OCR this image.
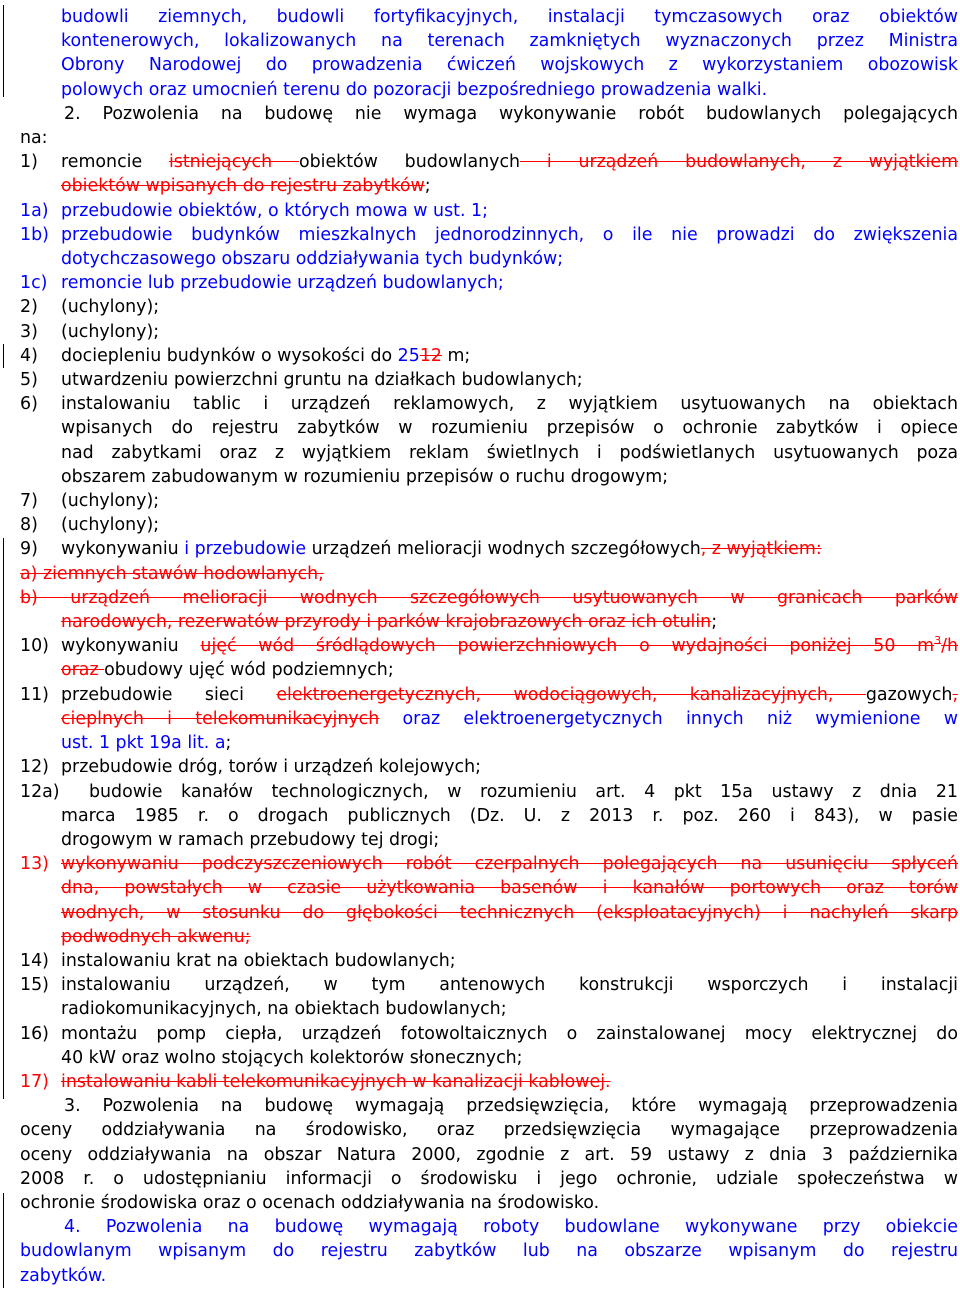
budowli ziemnych, budowli fortyfikacyjnych, instalacji tymczasowych oraz obiektów
kontenerowych, lokalizowanych na terenach zamkniętych wyznaczonych przez Ministra
Obrony Narodowej do prowadzenia ćwiczeń wojskowych z wykorzystaniem obozowisk
polowych oraz umocnień terenu do pozoracji bezpośredniego prowadzenia walki.
2. Pozwolenia na budowę nie wymaga wykonywanie robót budowlanych polegających
na:
1) remoncie istniejących obiektów budowlanych i urządzeń budowlanych, z wyjątkiem
obiektów wpisanych do rejestru zabytków;
1a) przebudowie obiektów, o których mowa w ust. 1;
1b) przebudowie budynków mieszkalnych jednorodzinnych, o ile nie prowadzi do zwiększenia
dotychczasowego obszaru oddziaływania tych budynków;
1c) remoncie lub przebudowie urządzeń budowlanych;
2) (uchylony);
3) (uchylony);
4) dociepleniu budynków o wysokości do 2512 m;
5) utwardzeniu powierzchni gruntu na działkach budowlanych;
6) instalowaniu tablic i urządzeń reklamowych, z wyjątkiem usytuowanych na obiektach
wpisanych do rejestru zabytków w rozumieniu przepisów o ochronie zabytków i opiece
nad zabytkami oraz z wyjątkiem reklam świetlnych i podświetlanych usytuowanych poza
obszarem zabudowanym w rozumieniu przepisów o ruchu drogowym;
7) (uchylony);
8) (uchylony);
9) wykonywaniu i przebudowie urządzeń melioracji wodnych szczegółowych, z wyjątkiem:
a) ziemnych stawów hodowlanych,
b) urządzeń melioracji wodnych szczegółowych usytuowanych w granicach parków
narodowych, rezerwatów przyrody i parków krajobrazowych oraz ich otulin;
10) wykonywaniu ujęć wód śródlądowych powierzchniowych o wydajności poniżej 50 $m^3/h$
oraz obudowy ujęć wód podziemnych;
11) przebudowie sieci elektroenergetycznych, wodociągowych, kanalizacyjnych, gazowych,
cieplnych i telekomunikacyjnych oraz elektroenergetycznych innych niż wymienione w
ust. 1 pkt 19a lit. a;
12) przebudowie dróg, torów i urządzeń kolejowych;
12a) budowie kanałów technologicznych, w rozumieniu art. 4 pkt 15a ustawy z dnia 21
marca 1985 r. o drogach publicznych (Dz. U. z 2013 r. poz. 260 i 843), w pasie
drogowym w ramach przebudowy tej drogi;
13) wykonywaniu podczyszczeniowych robót czerpalnych polegających na usunięciu spłyceń
dna, powstałych w czasie użytkowania basenów i kanałów portowych oraz torów
wodnych, w stosunku do głębokości technicznych (eksploatacyjnych) i nachyleń skarp
podwodnych akwenu;
14) instalowaniu krat na obiektach budowlanych;
15) instalowaniu urządzeń, w tym antenowych konstrukcji wsporczych i instalacji
radiokomunikacyjnych, na obiektach budowlanych;
16) montażu pomp ciepła, urządzeń fotowoltaicznych o zainstalowanej mocy elektrycznej do
40 kW oraz wolno stojących kolektorów słonecznych;
17) instalowaniu kabli telekomunikacyjnych w kanalizacji kablowej.
3. Pozwolenia na budowę wymagają przedsięwzięcia, które wymagają przeprowadzenia
oceny oddziaływania na środowisko, oraz przedsięwzięcia wymagające przeprowadzenia
oceny oddziaływania na obszar Natura 2000, zgodnie z art. 59 ustawy z dnia 3 października
2008 r. o udostępnianiu informacji o środowisku i jego ochronie, udziale społeczeństwa w
ochronie środowiska oraz o ocenach oddziaływania na środowisko.
4. Pozwolenia na budowę wymagają roboty budowlane wykonywane przy obiekcie
budowlanym wpisanym do rejestru zabytków lub na obszarze wpisanym do rejestru
zabytków.
